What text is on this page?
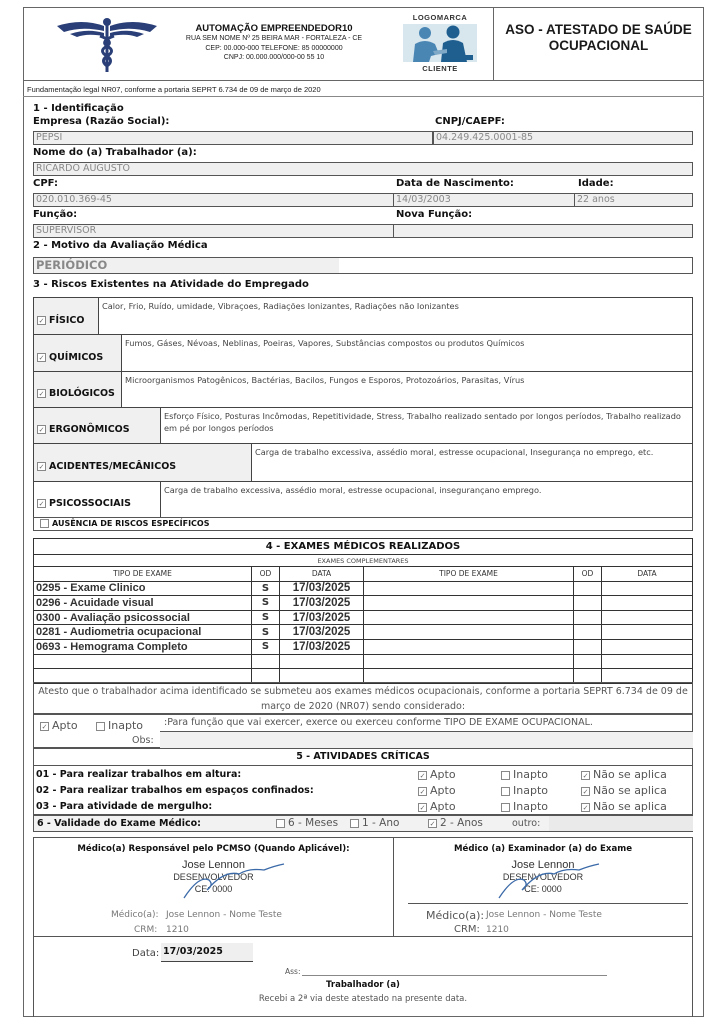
AUTOMAÇÃO EMPREENDEDOR10
RUA SEM NOME Nº 25 BEIRA MAR - FORTALEZA - CE
CEP: 00.000-000 TELEFONE: 85 00000000
CNPJ: 00.000.000/000-00 55 10
LOGOMARCA
CLIENTE
ASO - ATESTADO DE SAÚDE
OCUPACIONAL
Fundamentação legal NR07, conforme a portaria SEPRT 6.734 de 09 de março de 2020
1 - Identificação
Empresa (Razão Social):	CNPJ/CAEPF:
PEPSI	04.249.425.0001-85
Nome do (a) Trabalhador (a):
RICARDO AUGUSTO
CPF:	Data de Nascimento:	Idade:
020.010.369-45	14/03/2003	22 anos
Função:	Nova Função:
SUPERVISOR
2 - Motivo da Avaliação Médica
PERIÓDICO
3 - Riscos Existentes na Atividade do Empregado
✓ FÍSICO
Calor, Frio, Ruído, umidade, Vibraçoes, Radiações Ionizantes, Radiações não Ionizantes
✓ QUÍMICOS
Fumos, Gáses, Névoas, Neblinas, Poeiras, Vapores, Substâncias compostos ou produtos Químicos
✓ BIOLÓGICOS
Microorganismos Patogênicos, Bactérias, Bacilos, Fungos e Esporos, Protozoários, Parasitas, Vírus
✓ ERGONÔMICOS
Esforço Físico, Posturas Incômodas, Repetitividade, Stress, Trabalho realizado sentado por longos períodos, Trabalho realizado em pé por longos períodos
✓ ACIDENTES/MECÂNICOS
Carga de trabalho excessiva, assédio moral, estresse ocupacional, Insegurança no emprego, etc.
✓ PSICOSSOCIAIS
Carga de trabalho excessiva, assédio moral, estresse ocupacional, insegurançano emprego.
AUSÊNCIA DE RISCOS ESPECÍFICOS
4 - EXAMES MÉDICOS REALIZADOS					
EXAMES COMPLEMENTARES					
TIPO DE EXAME	OD	DATA	TIPO DE EXAME	OD	DATA
0295 - Exame Clinico	S	17/03/2025			
0296 - Acuidade visual	S	17/03/2025			
0300 - Avaliação psicossocial	S	17/03/2025			
0281 - Audiometria ocupacional	S	17/03/2025			
0693 - Hemograma Completo	S	17/03/2025			

Atesto que o trabalhador acima identificado se submeteu aos exames médicos ocupacionais, conforme a portaria SEPRT 6.734 de 09 de março de 2020 (NR07) sendo considerado:
✓ Apto	Inapto	:Para função que vai exercer, exerce ou exerceu conforme TIPO DE EXAME OCUPACIONAL.
Obs:
5 - ATIVIDADES CRÍTICAS
01 - Para realizar trabalhos em altura:	✓ Apto	Inapto	✓ Não se aplica
02 - Para realizar trabalhos em espaços confinados:	✓ Apto	Inapto	✓ Não se aplica
03 - Para atividade de mergulho:	✓ Apto	Inapto	✓ Não se aplica
6 - Validade do Exame Médico:	6 - Meses	1 - Ano	✓ 2 - Anos	outro:
Médico(a) Responsável pelo PCMSO (Quando Aplicável):
Jose Lennon
DESENVOLVEDOR
CE: 0000
Médico(a): Jose Lennon - Nome Teste
CRM: 1210
Médico (a) Examinador (a) do Exame
Jose Lennon
DESENVOLVEDOR
CE: 0000
Médico(a): Jose Lennon - Nome Teste
CRM: 1210
Data: 17/03/2025
Ass:
Trabalhador (a)
Recebi a 2ª via deste atestado na presente data.
